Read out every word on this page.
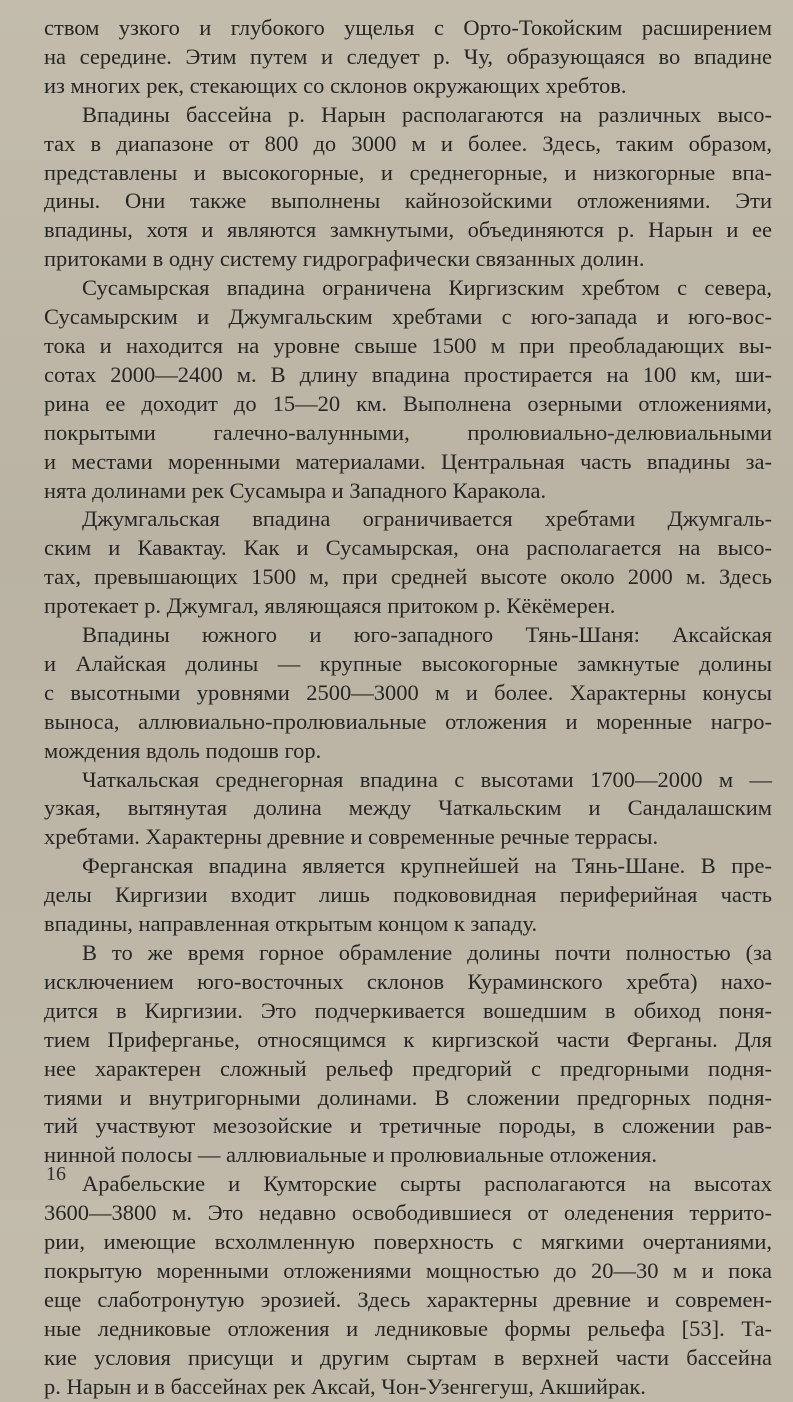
ством узкого и глубокого ущелья с Орто-Токойским расширением
на середине. Этим путем и следует р. Чу, образующаяся во впадине
из многих рек, стекающих со склонов окружающих хребтов.

Впадины бассейна р. Нарын располагаются на различных высо-
тах в диапазоне от 800 до 3000 м и более. Здесь, таким образом,
представлены и высокогорные, и среднегорные, и низкогорные впа-
дины. Они также выполнены кайнозойскими отложениями. Эти
впадины, хотя и являются замкнутыми, объединяются р. Нарын и ее
притоками в одну систему гидрографически связанных долин.

Сусамырская впадина ограничена Киргизским хребтом с севера,
Сусамырским и Джумгальским хребтами с юго-запада и юго-вос-
тока и находится на уровне свыше 1500 м при преобладающих вы-
сотах 2000—2400 м. В длину впадина простирается на 100 км, ши-
рина ее доходит до 15—20 км. Выполнена озерными отложениями,
покрытыми галечно-валунными, пролювиально-делювиальными
и местами моренными материалами. Центральная часть впадины за-
нята долинами рек Сусамыра и Западного Каракола.

Джумгальская впадина ограничивается хребтами Джумгаль-
ским и Кавактау. Как и Сусамырская, она располагается на высо-
тах, превышающих 1500 м, при средней высоте около 2000 м. Здесь
протекает р. Джумгал, являющаяся притоком р. Кёкёмерен.

Впадины южного и юго-западного Тянь-Шаня: Аксайская
и Алайская долины — крупные высокогорные замкнутые долины
с высотными уровнями 2500—3000 м и более. Характерны конусы
выноса, аллювиально-пролювиальные отложения и моренные нагро-
мождения вдоль подошв гор.

Чаткальская среднегорная впадина с высотами 1700—2000 м —
узкая, вытянутая долина между Чаткальским и Сандалашским
хребтами. Характерны древние и современные речные террасы.

Ферганская впадина является крупнейшей на Тянь-Шане. В пре-
делы Киргизии входит лишь подкововидная периферийная часть
впадины, направленная открытым концом к западу.

В то же время горное обрамление долины почти полностью (за
исключением юго-восточных склонов Кураминского хребта) нахо-
дится в Киргизии. Это подчеркивается вошедшим в обиход поня-
тием Приферганье, относящимся к киргизской части Ферганы. Для
нее характерен сложный рельеф предгорий с предгорными подня-
тиями и внутригорными долинами. В сложении предгорных подня-
тий участвуют мезозойские и третичные породы, в сложении рав-
нинной полосы — аллювиальные и пролювиальные отложения.

Арабельские и Кумторские сырты располагаются на высотах
3600—3800 м. Это недавно освободившиеся от оледенения террито-
рии, имеющие всхолмленную поверхность с мягкими очертаниями,
покрытую моренными отложениями мощностью до 20—30 м и пока
еще слаботронутую эрозией. Здесь характерны древние и современ-
ные ледниковые отложения и ледниковые формы рельефа [53]. Та-
кие условия присущи и другим сыртам в верхней части бассейна
р. Нарын и в бассейнах рек Аксай, Чон-Узенгегуш, Акшийрак.

16
